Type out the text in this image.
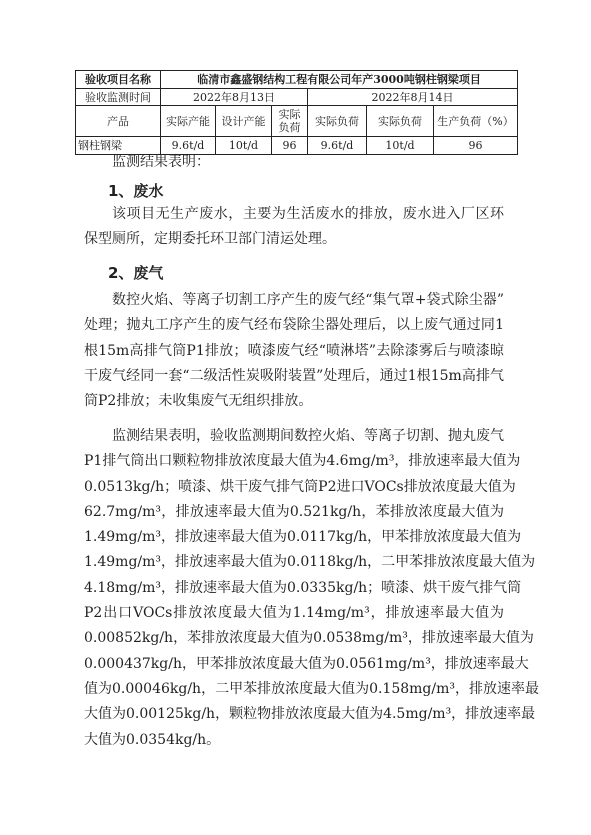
验收项目名称	临清市鑫盛钢结构工程有限公司年产3000吨钢柱钢梁项目					
验收监测时间	2022年8月13日			2022年8月14日		
产品	实际产能	设计产能	实际负荷	实际负荷	实际负荷	生产负荷（%）
钢柱钢梁	9.6t/d	10t/d	96	9.6t/d	10t/d	96

监测结果表明：

1、废水

该项目无生产废水，主要为生活废水的排放，废水进入厂区环
保型厕所，定期委托环卫部门清运处理。

2、废气

数控火焰、等离子切割工序产生的废气经“集气罩+袋式除尘器”
处理；抛丸工序产生的废气经布袋除尘器处理后，以上废气通过同1
根15m高排气筒P1排放；喷漆废气经“喷淋塔”去除漆雾后与喷漆晾
干废气经同一套“二级活性炭吸附装置”处理后，通过1根15m高排气
筒P2排放；未收集废气无组织排放。
监测结果表明，验收监测期间数控火焰、等离子切割、抛丸废气
P1排气筒出口颗粒物排放浓度最大值为4.6mg/m³，排放速率最大值为
0.0513kg/h；喷漆、烘干废气排气筒P2进口VOCs排放浓度最大值为
62.7mg/m³，排放速率最大值为0.521kg/h，苯排放浓度最大值为
1.49mg/m³，排放速率最大值为0.0117kg/h，甲苯排放浓度最大值为
1.49mg/m³，排放速率最大值为0.0118kg/h，二甲苯排放浓度最大值为
4.18mg/m³，排放速率最大值为0.0335kg/h；喷漆、烘干废气排气筒
P2出口VOCs排放浓度最大值为1.14mg/m³，排放速率最大值为
0.00852kg/h，苯排放浓度最大值为0.0538mg/m³，排放速率最大值为
0.000437kg/h，甲苯排放浓度最大值为0.0561mg/m³，排放速率最大
值为0.00046kg/h，二甲苯排放浓度最大值为0.158mg/m³，排放速率最
大值为0.00125kg/h，颗粒物排放浓度最大值为4.5mg/m³，排放速率最
大值为0.0354kg/h。
